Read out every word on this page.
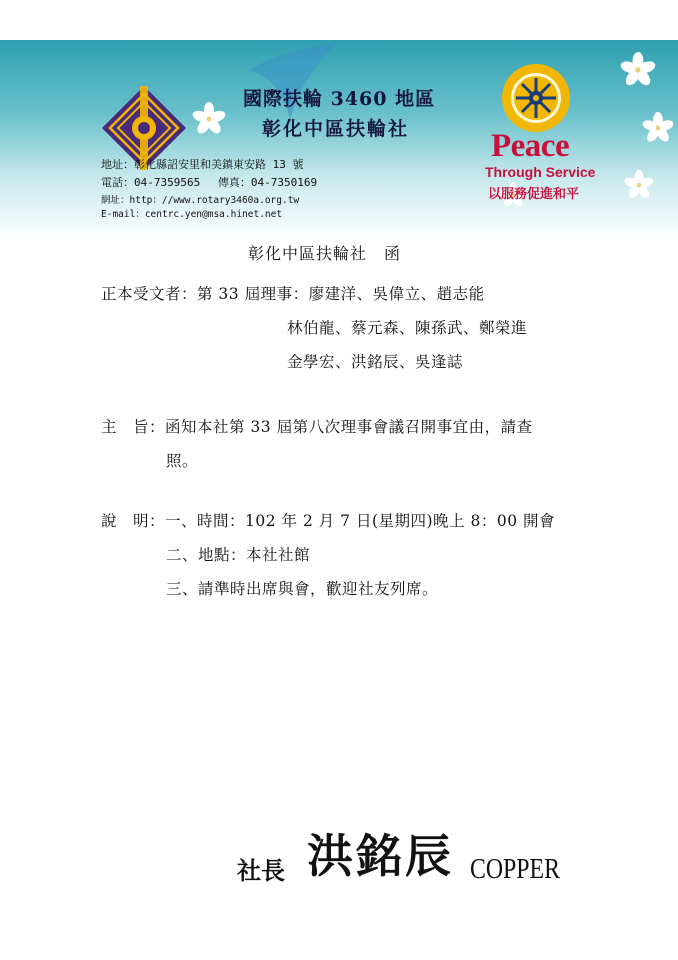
國際扶輪 3460 地區
彰化中區扶輪社
地址：彰化縣詔安里和美鎮東安路 13 號
電話：04-7359565　 傳真：04-7350169
網址：http：//www.rotary3460a.org.tw
E-mail：centrc.yen@msa.hinet.net
Peace
Through Service
以服務促進和平
彰化中區扶輪社　函
正本受文者：第 33 屆理事：廖建洋、吳偉立、趙志能
林伯龍、蔡元森、陳孫武、鄭榮進
金學宏、洪銘辰、吳逢誌
主　旨：函知本社第 33 屆第八次理事會議召開事宜由，請查
照。
說　明：一、時間：102 年 2 月 7 日(星期四)晚上 8：00 開會
二、地點：本社社館
三、請準時出席與會，歡迎社友列席。
社長 洪銘辰 COPPER
